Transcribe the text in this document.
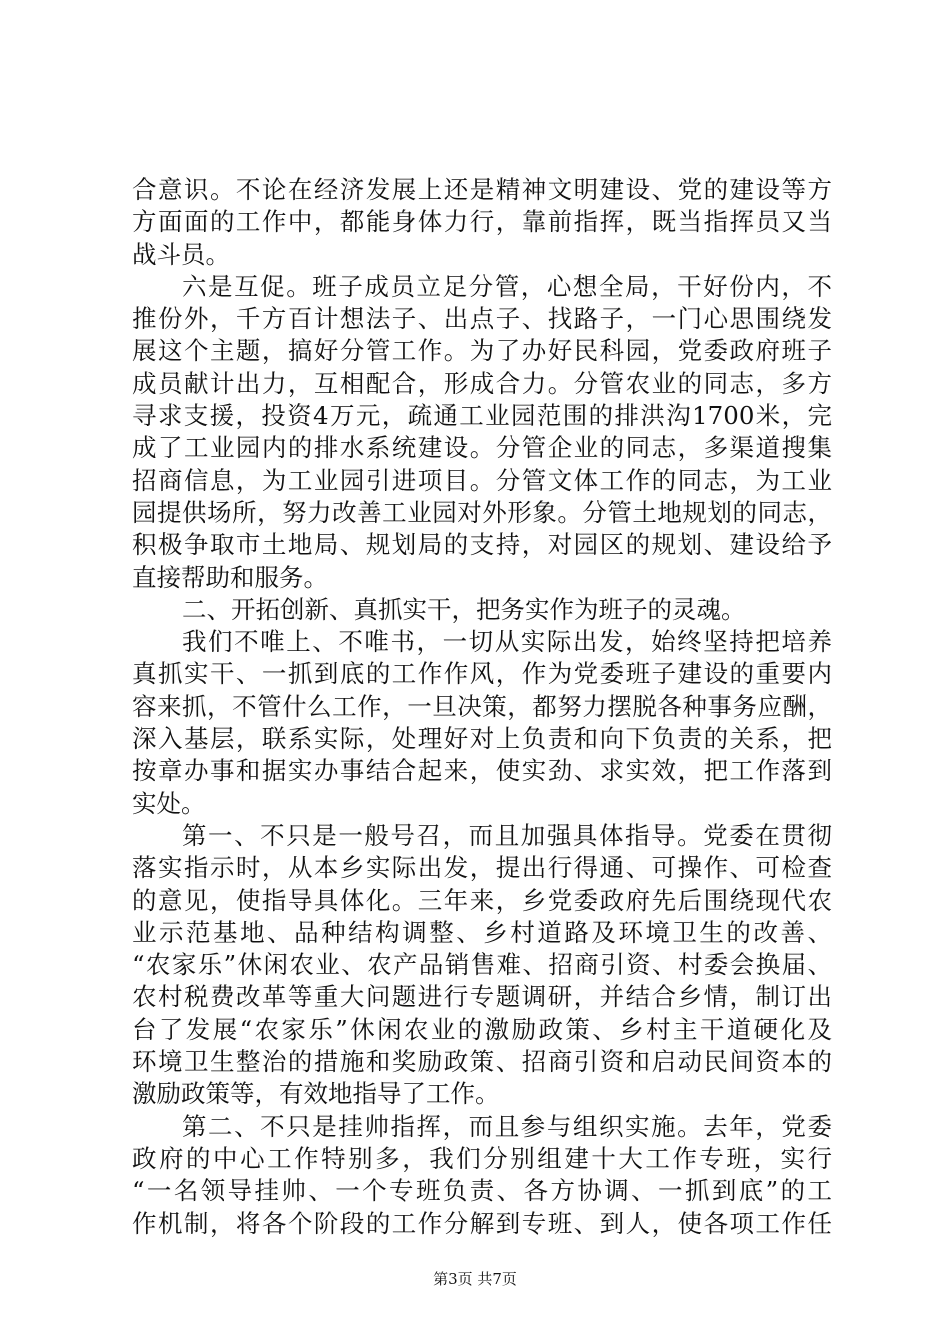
合意识。不论在经济发展上还是精神文明建设、党的建设等方
方面面的工作中，都能身体力行，靠前指挥，既当指挥员又当
战斗员。
六是互促。班子成员立足分管，心想全局，干好份内，不
推份外，千方百计想法子、出点子、找路子，一门心思围绕发
展这个主题，搞好分管工作。为了办好民科园，党委政府班子
成员献计出力，互相配合，形成合力。分管农业的同志，多方
寻求支援，投资4万元，疏通工业园范围的排洪沟1700米，完
成了工业园内的排水系统建设。分管企业的同志，多渠道搜集
招商信息，为工业园引进项目。分管文体工作的同志，为工业
园提供场所，努力改善工业园对外形象。分管土地规划的同志，
积极争取市土地局、规划局的支持，对园区的规划、建设给予
直接帮助和服务。
二、开拓创新、真抓实干，把务实作为班子的灵魂。
我们不唯上、不唯书，一切从实际出发，始终坚持把培养
真抓实干、一抓到底的工作作风，作为党委班子建设的重要内
容来抓，不管什么工作，一旦决策，都努力摆脱各种事务应酬，
深入基层，联系实际，处理好对上负责和向下负责的关系，把
按章办事和据实办事结合起来，使实劲、求实效，把工作落到
实处。
第一、不只是一般号召，而且加强具体指导。党委在贯彻
落实指示时，从本乡实际出发，提出行得通、可操作、可检查
的意见，使指导具体化。三年来，乡党委政府先后围绕现代农
业示范基地、品种结构调整、乡村道路及环境卫生的改善、
“农家乐”休闲农业、农产品销售难、招商引资、村委会换届、
农村税费改革等重大问题进行专题调研，并结合乡情，制订出
台了发展“农家乐”休闲农业的激励政策、乡村主干道硬化及
环境卫生整治的措施和奖励政策、招商引资和启动民间资本的
激励政策等，有效地指导了工作。
第二、不只是挂帅指挥，而且参与组织实施。去年，党委
政府的中心工作特别多，我们分别组建十大工作专班，实行
“一名领导挂帅、一个专班负责、各方协调、一抓到底”的工
作机制，将各个阶段的工作分解到专班、到人，使各项工作任
第3页 共7页
